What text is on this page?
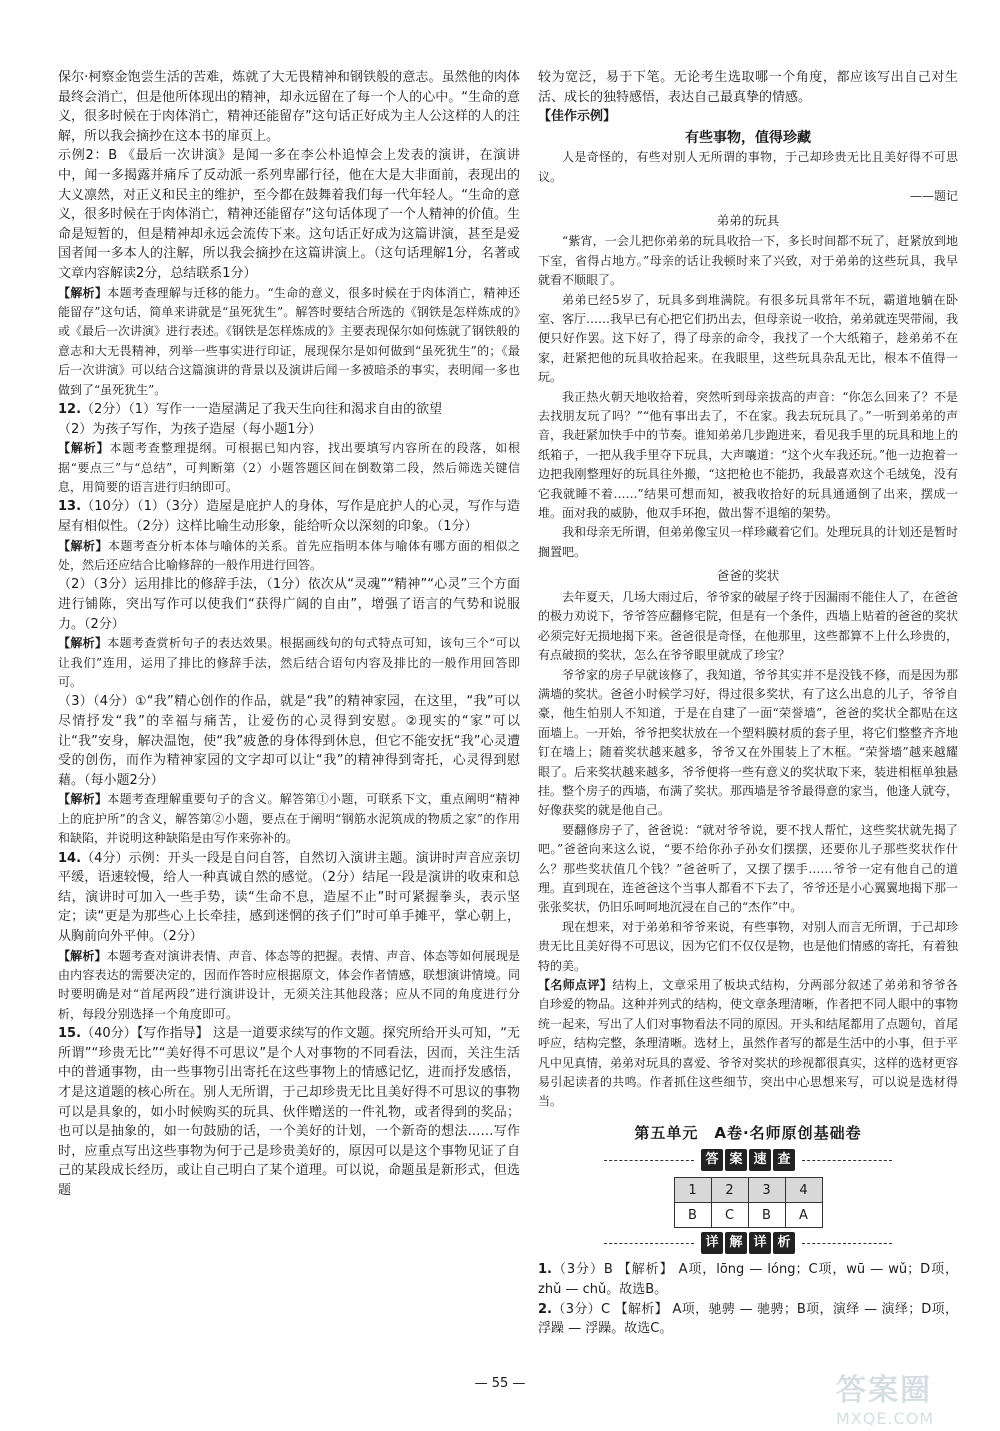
保尔·柯察金饱尝生活的苦难，炼就了大无畏精神和钢铁般的意志。虽然他的肉体最终会消亡，但是他所体现出的精神，却永远留在了每一个人的心中。“生命的意义，很多时候在于肉体消亡，精神还能留存”这句话正好成为主人公这样的人的注解，所以我会摘抄在这本书的扉页上。

示例2：B 《最后一次讲演》是闻一多在李公朴追悼会上发表的演讲，在演讲中，闻一多揭露并痛斥了反动派一系列卑鄙行径，他在大是大非面前，表现出的大义凛然，对正义和民主的维护，至今都在鼓舞着我们每一代年轻人。“生命的意义，很多时候在于肉体消亡，精神还能留存”这句话体现了一个人精神的价值。生命是短暂的，但是精神却永远会流传下来。这句话正好成为这篇讲演，甚至是爱国者闻一多本人的注解，所以我会摘抄在这篇讲演上。（这句话理解1分，名著或文章内容解读2分，总结联系1分）

【解析】本题考查理解与迁移的能力。“生命的意义，很多时候在于肉体消亡，精神还能留存”这句话，简单来讲就是“虽死犹生”。解答时要结合所选的《钢铁是怎样炼成的》或《最后一次讲演》进行表述。《钢铁是怎样炼成的》主要表现保尔如何炼就了钢铁般的意志和大无畏精神，列举一些事实进行印证，展现保尔是如何做到“虽死犹生”的；《最后一次讲演》可以结合这篇演讲的背景以及演讲后闻一多被暗杀的事实，表明闻一多也做到了“虽死犹生”。

12.（2分）（1）写作一一造屋满足了我天生向往和渴求自由的欲望

（2）为孩子写作，为孩子造屋（每小题1分）

【解析】本题考查整理提纲。可根据已知内容，找出要填写内容所在的段落，如根据“要点三”与“总结”，可判断第（2）小题答题区间在倒数第二段，然后筛选关键信息，用简要的语言进行归纳即可。

13.（10分）（1）（3分）造屋是庇护人的身体，写作是庇护人的心灵，写作与造屋有相似性。（2分）这样比喻生动形象，能给听众以深刻的印象。（1分）

【解析】本题考查分析本体与喻体的关系。首先应指明本体与喻体有哪方面的相似之处，然后还应结合比喻修辞的一般作用进行回答。

（2）（3分）运用排比的修辞手法，（1分）依次从“灵魂”“精神”“心灵”三个方面进行铺陈，突出写作可以使我们“获得广阔的自由”，增强了语言的气势和说服力。（2分）

【解析】本题考查赏析句子的表达效果。根据画线句的句式特点可知，该句三个“可以让我们”连用，运用了排比的修辞手法，然后结合语句内容及排比的一般作用回答即可。

（3）（4分）①“我”精心创作的作品，就是“我”的精神家园，在这里，“我”可以尽情抒发“我”的幸福与痛苦，让爱伤的心灵得到安慰。②现实的“家”可以让“我”安身，解决温饱，使“我”疲惫的身体得到休息，但它不能安抚“我”心灵遭受的创伤，而作为精神家园的文字却可以让“我”的精神得到寄托，心灵得到慰藉。（每小题2分）

【解析】本题考查理解重要句子的含义。解答第①小题，可联系下文，重点阐明“精神上的庇护所”的含义，解答第②小题，要点在于阐明“钢筋水泥筑成的物质之家”的作用和缺陷，并说明这种缺陷是由写作来弥补的。

14.（4分）示例：开头一段是自问自答，自然切入演讲主题。演讲时声音应亲切平缓，语速较慢，给人一种真诚自然的感觉。（2分）结尾一段是演讲的收束和总结，演讲时可加入一些手势，读“生命不息，造屋不止”时可紧握拳头，表示坚定；读“更是为那些心上长牵挂，感到迷惘的孩子们”时可单手摊平，掌心朝上，从胸前向外平伸。（2分）

【解析】本题考查对演讲表情、声音、体态等的把握。表情、声音、体态等如何展现是由内容表达的需要决定的，因而作答时应根据原文，体会作者情感，联想演讲情境。同时要明确是对“首尾两段”进行演讲设计，无须关注其他段落；应从不同的角度进行分析，每段分别选择一个角度即可。

15.（40分）【写作指导】 这是一道要求续写的作文题。探究所给开头可知，“无所谓”“珍贵无比”“美好得不可思议”是个人对事物的不同看法，因而，关注生活中的普通事物，由一些事物引出寄托在这些事物上的情感记忆，进而抒发感悟，才是这道题的核心所在。别人无所谓，于己却珍贵无比且美好得不可思议的事物可以是具象的，如小时候购买的玩具、伙伴赠送的一件礼物，或者得到的奖品；也可以是抽象的，如一句鼓励的话，一个美好的计划，一个新奇的想法……写作时，应重点写出这些事物为何于己是珍贵美好的，原因可以是这个事物见证了自己的某段成长经历，或让自己明白了某个道理。可以说，命题虽是新形式，但选题

较为宽泛，易于下笔。无论考生选取哪一个角度，都应该写出自己对生活、成长的独特感悟，表达自己最真挚的情感。

【佳作示例】

有些事物，值得珍藏

人是奇怪的，有些对别人无所谓的事物，于己却珍贵无比且美好得不可思议。

——题记

弟弟的玩具

“紫宵，一会儿把你弟弟的玩具收拾一下，多长时间都不玩了，赶紧放到地下室，省得占地方。”母亲的话让我顿时来了兴致，对于弟弟的这些玩具，我早就看不顺眼了。

弟弟已经5岁了，玩具多到堆满院。有很多玩具常年不玩，霸道地躺在卧室、客厅……我早已有心把它们扔出去，但母亲说一收拾，弟弟就连哭带闹，我便只好作罢。这下好了，得了母亲的命令，我找了一个大纸箱子，趁弟弟不在家，赶紧把他的玩具收拾起来。在我眼里，这些玩具杂乱无比，根本不值得一玩。

我正热火朝天地收拾着，突然听到母亲拔高的声音：“你怎么回来了？不是去找朋友玩了吗？”“他有事出去了，不在家。我去玩玩具了。”一听到弟弟的声音，我赶紧加快手中的节奏。谁知弟弟几步跑进来，看见我手里的玩具和地上的纸箱子，一把从我手里夺下玩具，大声嚷道：“这个火车我还玩。”他一边抱着一边把我刚整理好的玩具往外搬，“这把枪也不能扔，我最喜欢这个毛绒兔，没有它我就睡不着……”结果可想而知，被我收拾好的玩具通通倒了出来，摆成一堆。面对我的威胁，他双手环抱，做出誓不退缩的架势。

我和母亲无所谓，但弟弟像宝贝一样珍藏着它们。处理玩具的计划还是暂时搁置吧。

爸爸的奖状

去年夏天，几场大雨过后，爷爷家的破屋子终于因漏雨不能住人了，在爸爸的极力劝说下，爷爷答应翻修宅院，但是有一个条件，西墙上贴着的爸爸的奖状必须完好无损地揭下来。爸爸很是奇怪，在他那里，这些都算不上什么珍贵的，有点破损的奖状，怎么在爷爷眼里就成了珍宝？

爷爷家的房子早就该修了，我知道，爷爷其实并不是没钱不修，而是因为那满墙的奖状。爸爸小时候学习好，得过很多奖状，有了这么出息的儿子，爷爷自豪，他生怕别人不知道，于是在自建了一面“荣誉墙”，爸爸的奖状全都贴在这面墙上。一开始，爷爷把奖状放在一个塑料膜材质的套子里，将它们整整齐齐地钉在墙上；随着奖状越来越多，爷爷又在外围装上了木框。“荣誉墙”越来越耀眼了。后来奖状越来越多，爷爷便将一些有意义的奖状取下来，装进相框单独悬挂。整个房子的西墙，布满了奖状。那西墙是爷爷最得意的家当，他逢人就夸，好像获奖的就是他自己。

要翻修房子了，爸爸说：“就对爷爷说，要不找人帮忙，这些奖状就先揭了吧。”爸爸向来这么说，“要不给你孙子孙女们摆摆，还要你儿子那些奖状作什么？那些奖状值几个钱？”爸爸听了，又摆了摆手……爷爷一定有他自己的道理。直到现在，连爸爸这个当事人都看不下去了，爷爷还是小心翼翼地揭下那一张张奖状，仍旧乐呵呵地沉浸在自己的“杰作”中。

现在想来，对于弟弟和爷爷来说，有些事物，对别人而言无所谓，于己却珍贵无比且美好得不可思议，因为它们不仅仅是物，也是他们情感的寄托，有着独特的美。

【名师点评】结构上，文章采用了板块式结构，分两部分叙述了弟弟和爷爷各自珍爱的物品。这种并列式的结构，使文章条理清晰，作者把不同人眼中的事物统一起来，写出了人们对事物看法不同的原因。开头和结尾都用了点题句，首尾呼应，结构完整，条理清晰。选材上，虽然作者写的都是生活中的小事，但于平凡中见真情，弟弟对玩具的喜爱、爷爷对奖状的珍视都很真实，这样的选材更容易引起读者的共鸣。作者抓住这些细节，突出中心思想来写，可以说是选材得当。

第五单元　A卷·名师原创基础卷

答 案 速 查
1	2	3	4
B	C	B	A
详 解 详 析

1.（3分）B 【解析】 A项，lōng — lóng；C项，wū — wǔ；D项，zhǔ — chǔ。故选B。

2.（3分）C 【解析】 A项，驰骋 — 驰骋；B项，演绎 — 演绎；D项，浮躁 — 浮躁。故选C。

— 55 —	答案圈
MXQE.COM
